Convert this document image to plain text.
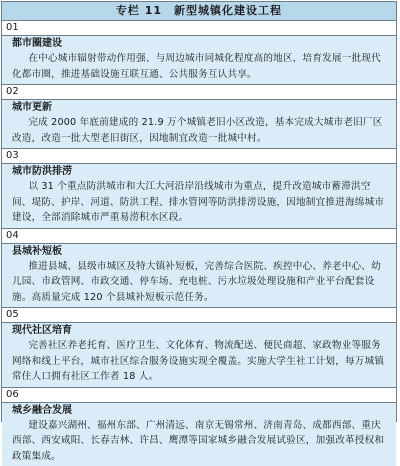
专栏 11　新型城镇化建设工程
01
都市圈建设
在中心城市辐射带动作用强、与周边城市同城化程度高的地区，培育发展一批现代化都市圈，推进基础设施互联互通、公共服务互认共享。
02
城市更新
完成 2000 年底前建成的 21.9 万个城镇老旧小区改造，基本完成大城市老旧厂区改造，改造一批大型老旧街区，因地制宜改造一批城中村。
03
城市防洪排涝
以 31 个重点防洪城市和大江大河沿岸沿线城市为重点，提升改造城市蓄滞洪空间、堤防、护岸、河道、防洪工程、排水管网等防洪排涝设施，因地制宜推进海绵城市建设，全部消除城市严重易涝积水区段。
04
县城补短板
推进县城、县级市城区及特大镇补短板，完善综合医院、疾控中心、养老中心、幼儿园、市政管网、市政交通、停车场、充电桩、污水垃圾处理设施和产业平台配套设施。高质量完成 120 个县城补短板示范任务。
05
现代社区培育
完善社区养老托育、医疗卫生、文化体育、物流配送、便民商超、家政物业等服务网络和线上平台，城市社区综合服务设施实现全覆盖。实施大学生社工计划，每万城镇常住人口拥有社区工作者 18 人。
06
城乡融合发展
建设嘉兴湖州、福州东部、广州清远、南京无锡常州、济南青岛、成都西部、重庆西部、西安咸阳、长春吉林、许昌、鹰潭等国家城乡融合发展试验区，加强改革授权和政策集成。
